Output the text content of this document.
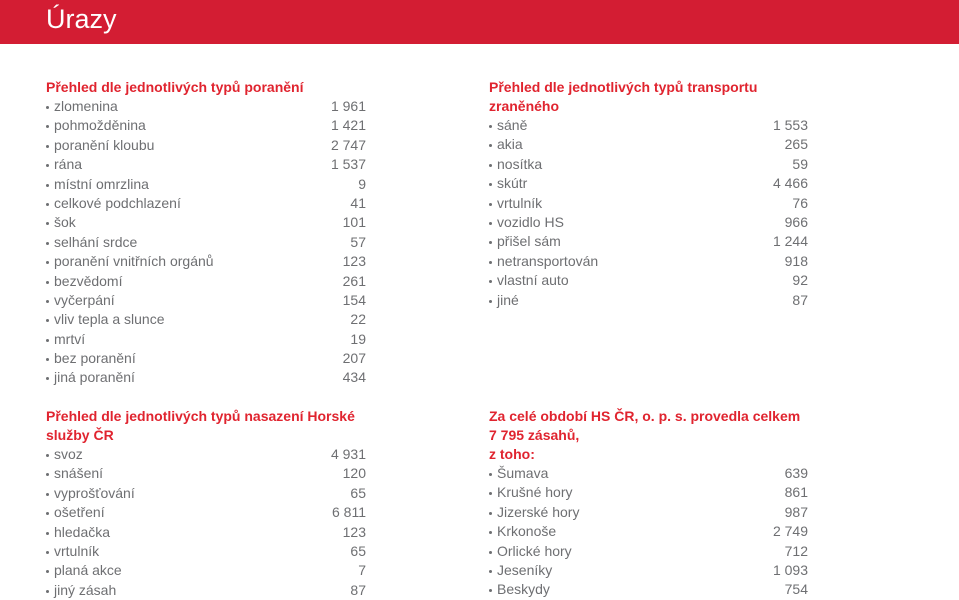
Úrazy
Přehled dle jednotlivých typů poranění
zlomenina	1 961
pohmožděnina	1 421
poranění kloubu	2 747
rána	1 537
místní omrzlina	9
celkové podchlazení	41
šok	101
selhání srdce	57
poranění vnitřních orgánů	123
bezvědomí	261
vyčerpání	154
vliv tepla a slunce	22
mrtví	19
bez poranění	207
jiná poranění	434
Přehled dle jednotlivých typů transportu zraněného
sáně	1 553
akia	265
nosítka	59
skútr	4 466
vrtulník	76
vozidlo HS	966
přišel sám	1 244
netransportován	918
vlastní auto	92
jiné	87
Přehled dle jednotlivých typů nasazení Horské služby ČR
svoz	4 931
snášení	120
vyprošťování	65
ošetření	6 811
hledačka	123
vrtulník	65
planá akce	7
jiný zásah	87
Za celé období HS ČR, o. p. s. provedla celkem 7 795 zásahů,
z toho:
Šumava	639
Krušné hory	861
Jizerské hory	987
Krkonoše	2 749
Orlické hory	712
Jeseníky	1 093
Beskydy	754
